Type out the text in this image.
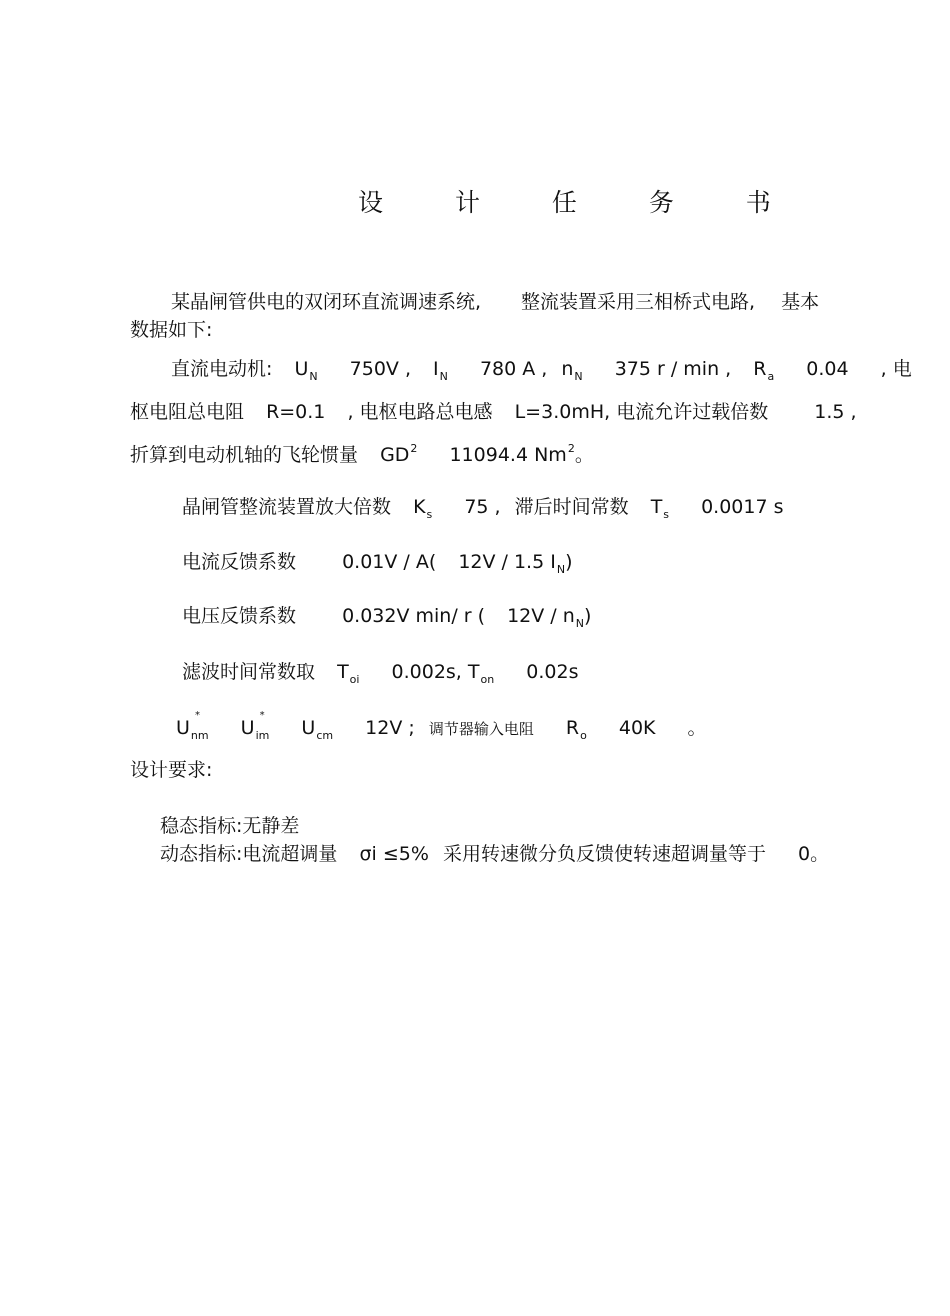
设 计 任 务 书
某晶闸管供电的双闭环直流调速系统, 整流装置采用三相桥式电路, 基本
数据如下:
直流电动机: $U_N$ 750V , $I_N$ 780 A , $n_N$ 375 r / min , $R_a$ 0.04 , 电
枢电阻总电阻 R=0.1 , 电枢电路总电感 L=3.0mH, 电流允许过载倍数 1.5 ,
折算到电动机轴的飞轮惯量 $GD^2$ 11094.4 Nm$^2$。
晶闸管整流装置放大倍数 $K_s$ 75 , 滞后时间常数 $T_s$ 0.0017 s
电流反馈系数 0.01V / A( 12V / 1.5 $I_N$)
电压反馈系数 0.032V min/ r ( $12V / n_N$)
滤波时间常数取 $T_{oi}$ 0.002s, $T_{on}$ 0.02s
U
*
$_{nm}$ U
*
$_{im}$ $U_{cm}$ 12V ; 调节器输入电阻 $R_o$ 40K 。
设计要求:
稳态指标:无静差
动态指标:电流超调量 σi ≤5% 采用转速微分负反馈使转速超调量等于 0。
